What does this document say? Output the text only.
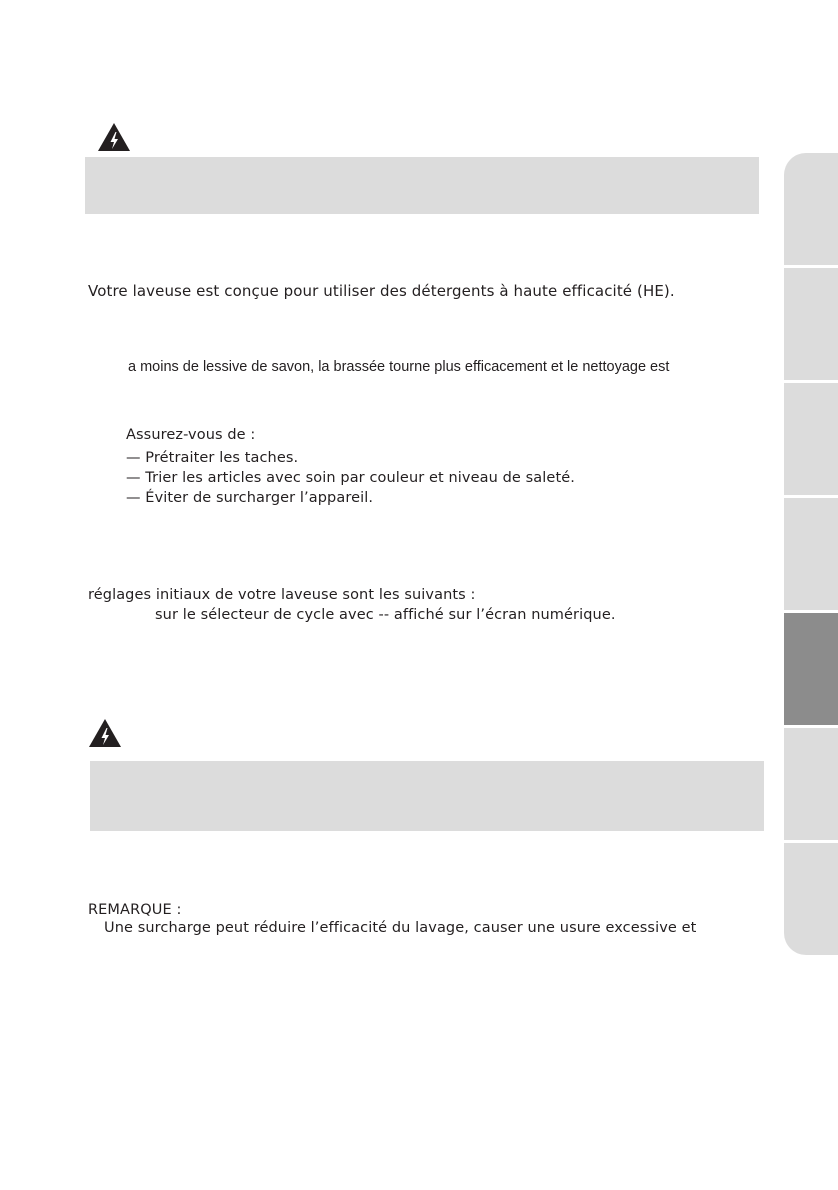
Votre laveuse est conçue pour utiliser des détergents à haute efficacité (HE).
a moins de lessive de savon, la brassée tourne plus efficacement et le nettoyage est
Assurez-vous de :
— Prétraiter les taches.
— Trier les articles avec soin par couleur et niveau de saleté.
— Éviter de surcharger l’appareil.
réglages initiaux de votre laveuse sont les suivants :
sur le sélecteur de cycle avec -- affiché sur l’écran numérique.
REMARQUE :
Une surcharge peut réduire l’efficacité du lavage, causer une usure excessive et
